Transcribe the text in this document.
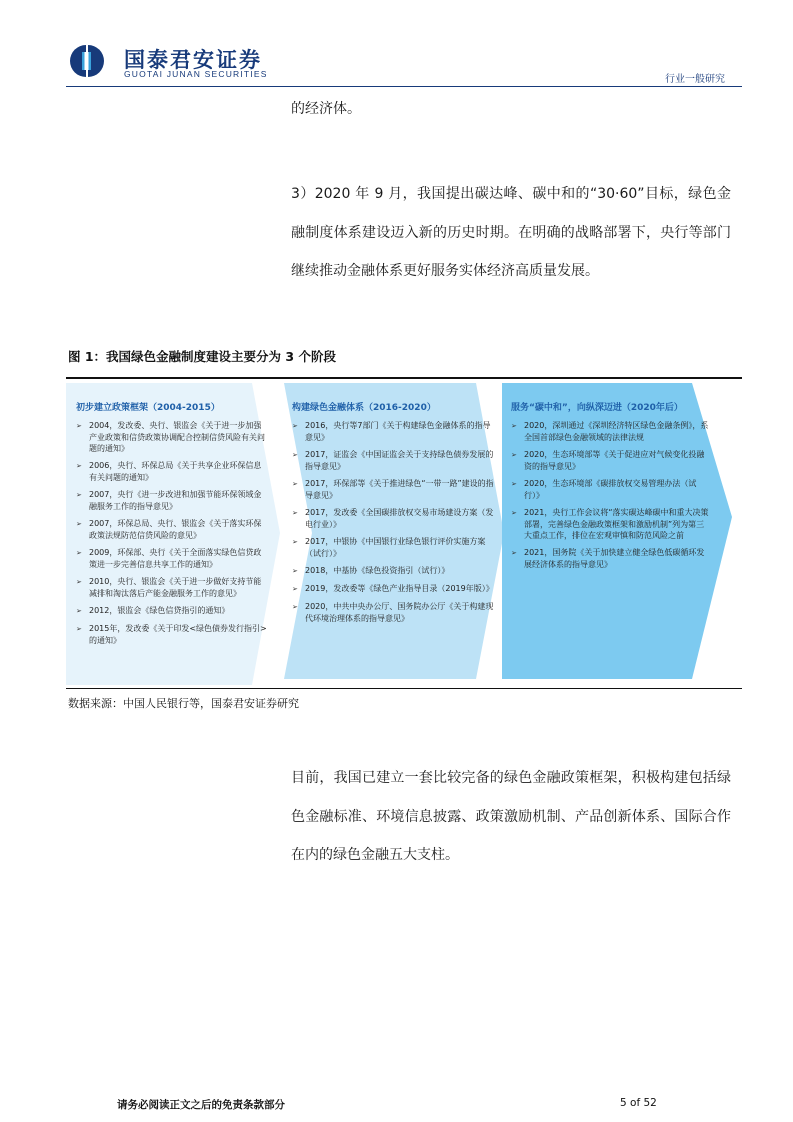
国泰君安证券
GUOTAI JUNAN SECURITIES	行业一般研究
的经济体。
3）2020 年 9 月，我国提出碳达峰、碳中和的“30·60”目标，绿色金融制度体系建设迈入新的历史时期。在明确的战略部署下，央行等部门继续推动金融体系更好服务实体经济高质量发展。
图 1：我国绿色金融制度建设主要分为 3 个阶段
初步建立政策框架（2004-2015）
➢ 2004，发改委、央行、银监会《关于进一步加强产业政策和信贷政策协调配合控制信贷风险有关问题的通知》
➢ 2006，央行、环保总局《关于共享企业环保信息有关问题的通知》
➢ 2007，央行《进一步改进和加强节能环保领域金融服务工作的指导意见》
➢ 2007，环保总局、央行、银监会《关于落实环保政策法规防范信贷风险的意见》
➢ 2009，环保部、央行《关于全面落实绿色信贷政策进一步完善信息共享工作的通知》
➢ 2010，央行、银监会《关于进一步做好支持节能减排和淘汰落后产能金融服务工作的意见》
➢ 2012，银监会《绿色信贷指引的通知》
➢ 2015年，发改委《关于印发<绿色债券发行指引>的通知》
构建绿色金融体系（2016-2020）
➢ 2016，央行等7部门《关于构建绿色金融体系的指导意见》
➢ 2017，证监会《中国证监会关于支持绿色债券发展的指导意见》
➢ 2017，环保部等《关于推进绿色“一带一路”建设的指导意见》
➢ 2017，发改委《全国碳排放权交易市场建设方案（发电行业）》
➢ 2017，中银协《中国银行业绿色银行评价实施方案（试行）》
➢ 2018，中基协《绿色投资指引（试行）》
➢ 2019，发改委等《绿色产业指导目录（2019年版）》
➢ 2020，中共中央办公厅、国务院办公厅《关于构建现代环境治理体系的指导意见》
服务“碳中和”，向纵深迈进（2020年后）
➢ 2020，深圳通过《深圳经济特区绿色金融条例》，系全国首部绿色金融领域的法律法规
➢ 2020，生态环境部等《关于促进应对气候变化投融资的指导意见》
➢ 2020，生态环境部《碳排放权交易管理办法（试行）》
➢ 2021，央行工作会议将“落实碳达峰碳中和重大决策部署，完善绿色金融政策框架和激励机制”列为第三大重点工作，排位在宏观审慎和防范风险之前
➢ 2021，国务院《关于加快建立健全绿色低碳循环发展经济体系的指导意见》
数据来源：中国人民银行等，国泰君安证券研究
目前，我国已建立一套比较完备的绿色金融政策框架，积极构建包括绿色金融标准、环境信息披露、政策激励机制、产品创新体系、国际合作在内的绿色金融五大支柱。
请务必阅读正文之后的免责条款部分	5 of 52
